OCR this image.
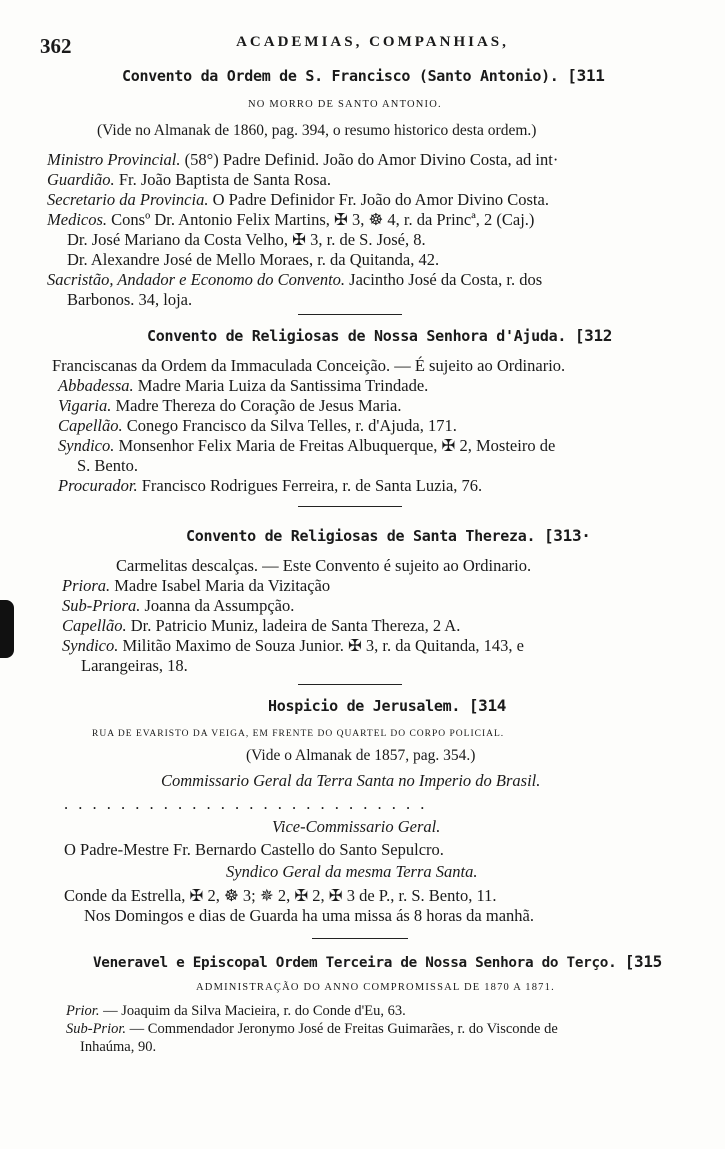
362	ACADEMIAS, COMPANHIAS,
Convento da Ordem de S. Francisco (Santo Antonio). [311
NO MORRO DE SANTO ANTONIO.
(Vide no Almanak de 1860, pag. 394, o resumo historico desta ordem.)
Ministro Provincial. (58°) Padre Definid. João do Amor Divino Costa, ad int·
Guardião. Fr. João Baptista de Santa Rosa.
Secretario da Provincia. O Padre Definidor Fr. João do Amor Divino Costa.
Medicos. Consº Dr. Antonio Felix Martins, ✠ 3, ☸ 4, r. da Princª, 2 (Caj.)
Dr. José Mariano da Costa Velho, ✠ 3, r. de S. José, 8.
Dr. Alexandre José de Mello Moraes, r. da Quitanda, 42.
Sacristão, Andador e Economo do Convento. Jacintho José da Costa, r. dos
Barbonos. 34, loja.
Convento de Religiosas de Nossa Senhora d'Ajuda. [312
Franciscanas da Ordem da Immaculada Conceição. — É sujeito ao Ordinario.
Abbadessa. Madre Maria Luiza da Santissima Trindade.
Vigaria. Madre Thereza do Coração de Jesus Maria.
Capellão. Conego Francisco da Silva Telles, r. d'Ajuda, 171.
Syndico. Monsenhor Felix Maria de Freitas Albuquerque, ✠ 2, Mosteiro de
S. Bento.
Procurador. Francisco Rodrigues Ferreira, r. de Santa Luzia, 76.
Convento de Religiosas de Santa Thereza. [313·
Carmelitas descalças. — Este Convento é sujeito ao Ordinario.
Priora. Madre Isabel Maria da Vizitação
Sub-Priora. Joanna da Assumpção.
Capellão. Dr. Patricio Muniz, ladeira de Santa Thereza, 2 A.
Syndico. Militão Maximo de Souza Junior. ✠ 3, r. da Quitanda, 143, e
Larangeiras, 18.
Hospicio de Jerusalem. [314
RUA DE EVARISTO DA VEIGA, EM FRENTE DO QUARTEL DO CORPO POLICIAL.
(Vide o Almanak de 1857, pag. 354.)
Commissario Geral da Terra Santa no Imperio do Brasil.
. . . . . . . . . . . . . . . . . . . . . . . . . .
Vice-Commissario Geral.
O Padre-Mestre Fr. Bernardo Castello do Santo Sepulcro.
Syndico Geral da mesma Terra Santa.
Conde da Estrella, ✠ 2, ☸ 3; ✵ 2, ✠ 2, ✠ 3 de P., r. S. Bento, 11.
Nos Domingos e dias de Guarda ha uma missa ás 8 horas da manhã.
Veneravel e Episcopal Ordem Terceira de Nossa Senhora do Terço. [315
ADMINISTRAÇÃO DO ANNO COMPROMISSAL DE 1870 A 1871.
Prior. — Joaquim da Silva Macieira, r. do Conde d'Eu, 63.
Sub-Prior. — Commendador Jeronymo José de Freitas Guimarães, r. do Visconde de
Inhaúma, 90.
